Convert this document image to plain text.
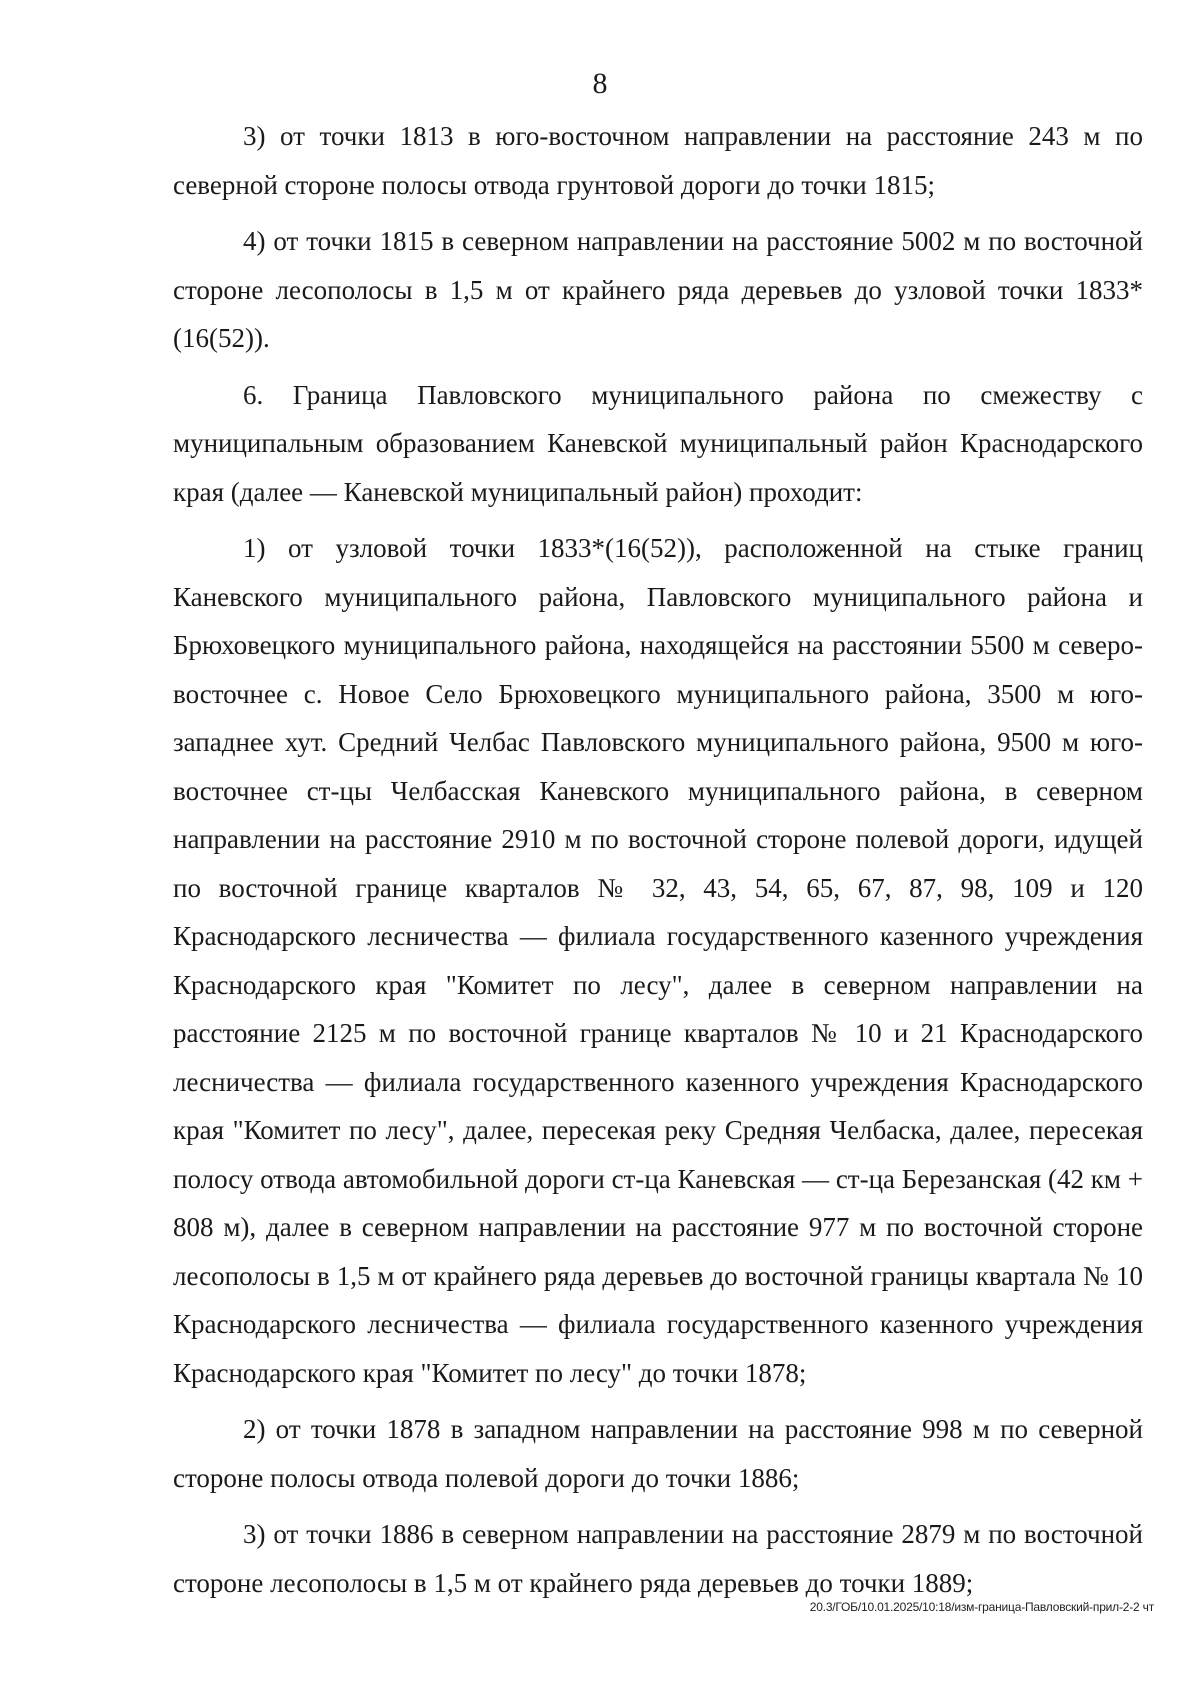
8

3) от точки 1813 в юго-восточном направлении на расстояние 243 м по северной стороне полосы отвода грунтовой дороги до точки 1815;

4) от точки 1815 в северном направлении на расстояние 5002 м по восточной стороне лесополосы в 1,5 м от крайнего ряда деревьев до узловой точки 1833*(16(52)).

6. Граница Павловского муниципального района по смежеству с муниципальным образованием Каневской муниципальный район Краснодарского края (далее — Каневской муниципальный район) проходит:

1) от узловой точки 1833*(16(52)), расположенной на стыке границ Каневского муниципального района, Павловского муниципального района и Брюховецкого муниципального района, находящейся на расстоянии 5500 м северо-восточнее с. Новое Село Брюховецкого муниципального района, 3500 м юго-западнее хут. Средний Челбас Павловского муниципального района, 9500 м юго-восточнее ст-цы Челбасская Каневского муниципального района, в северном направлении на расстояние 2910 м по восточной стороне полевой дороги, идущей по восточной границе кварталов № 32, 43, 54, 65, 67, 87, 98, 109 и 120 Краснодарского лесничества — филиала государственного казенного учреждения Краснодарского края "Комитет по лесу", далее в северном направлении на расстояние 2125 м по восточной границе кварталов № 10 и 21 Краснодарского лесничества — филиала государственного казенного учреждения Краснодарского края "Комитет по лесу", далее, пересекая реку Средняя Челбаска, далее, пересекая полосу отвода автомобильной дороги ст-ца Каневская — ст-ца Березанская (42 км + 808 м), далее в северном направлении на расстояние 977 м по восточной стороне лесополосы в 1,5 м от крайнего ряда деревьев до восточной границы квартала № 10 Краснодарского лесничества — филиала государственного казенного учреждения Краснодарского края "Комитет по лесу" до точки 1878;

2) от точки 1878 в западном направлении на расстояние 998 м по северной стороне полосы отвода полевой дороги до точки 1886;

3) от точки 1886 в северном направлении на расстояние 2879 м по восточной стороне лесополосы в 1,5 м от крайнего ряда деревьев до точки 1889;

20.3/ГОБ/10.01.2025/10:18/изм-граница-Павловский-прил-2-2 чт
